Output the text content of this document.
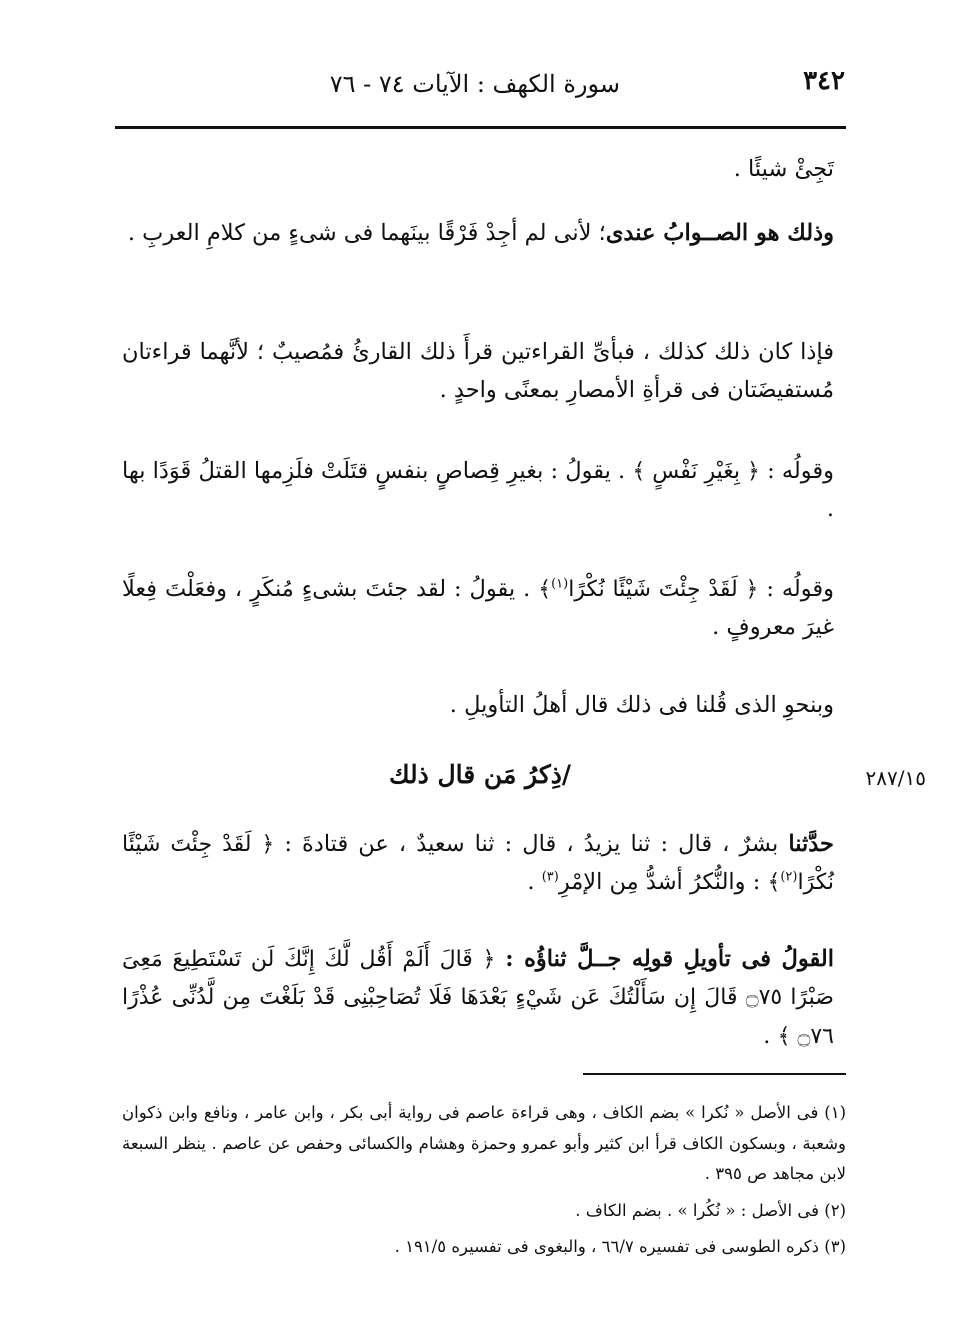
٣٤٢
سورة الكهف : الآيات ٧٤ - ٧٦

تَجِئْ شيئًا .

وذلك هو الصــوابُ عندى؛ لأنى لم أجِدْ فَرْقًا بينَهما فى شىءٍ من كلامِ العربِ .

فإذا كان ذلك كذلك ، فبأىِّ القراءتين قرأَ ذلك القارئُ فمُصيبٌ ؛ لأنَّهما قراءتان مُستفيضَتان فى قرأةِ الأمصارِ بمعنًى واحدٍ .

وقولُه : ﴿ بِغَيْرِ نَفْسٍ ﴾ . يقولُ : بغيرِ قِصاصٍ بنفسٍ قتَلَتْ فلَزِمها القتلُ قَوَدًا بها .

وقولُه : ﴿ لَقَدْ جِئْتَ شَيْئًا نُكْرًا$^{(١)}$﴾ . يقولُ : لقد جئتَ بشىءٍ مُنكَرٍ ، وفعَلْتَ فِعلًا غيرَ معروفٍ .

وبنحوِ الذى قُلنا فى ذلك قال أهلُ التأويلِ .

/ذِكرُ مَن قال ذلك	٢٨٧/١٥

حدَّثنا بشرٌ ، قال : ثنا يزيدُ ، قال : ثنا سعيدٌ ، عن قتادةَ : ﴿ لَقَدْ جِئْتَ شَيْئًا نُكْرًا$^{(٢)}$﴾ : والنُّكرُ أشدُّ مِن الإمْرِ$^{(٣)}$ .

القولُ فى تأويلِ قولِه جــلَّ ثناؤُه : ﴿ قَالَ أَلَمْ أَقُل لَّكَ إِنَّكَ لَن تَسْتَطِيعَ مَعِىَ صَبْرًا ۝٧٥ قَالَ إِن سَأَلْتُكَ عَن شَيْءٍ بَعْدَهَا فَلَا تُصَاحِبْنِى قَدْ بَلَغْتَ مِن لَّدُنِّى عُذْرًا ۝٧٦ ﴾ .

(١) فى الأصل « نُكرا » بضم الكاف ، وهى قراءة عاصم فى رواية أبى بكر ، وابن عامر ، ونافع وابن ذكوان وشعبة ، وبسكون الكاف قرأ ابن كثير وأبو عمرو وحمزة وهشام والكسائى وحفص عن عاصم . ينظر السبعة لابن مجاهد ص ٣٩٥ .

(٢) فى الأصل : « نُكُرا » . بضم الكاف .

(٣) ذكره الطوسى فى تفسيره ٦٦/٧ ، والبغوى فى تفسيره ١٩١/٥ .
